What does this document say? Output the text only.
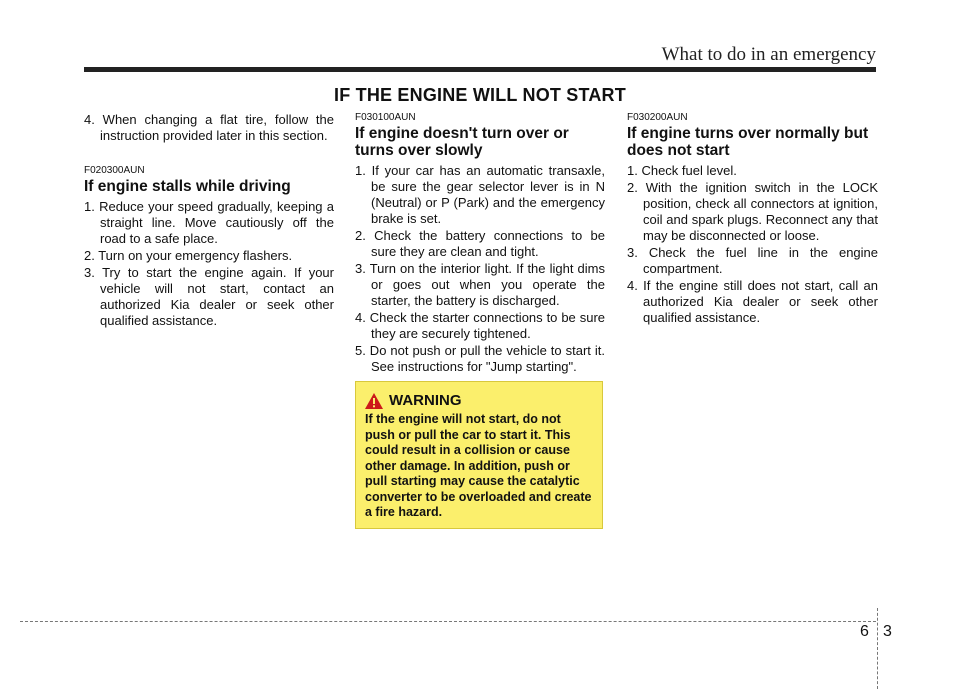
What to do in an emergency
IF THE ENGINE WILL NOT START

4. When changing a flat tire, follow the instruction provided later in this section.

F020300AUN

If engine stalls while driving
1. Reduce your speed gradually, keeping a straight line. Move cautiously off the road to a safe place.
2. Turn on your emergency flashers.
3. Try to start the engine again. If your vehicle will not start, contact an authorized Kia dealer or seek other qualified assistance.

F030100AUN

If engine doesn't turn over or turns over slowly
1. If your car has an automatic transaxle, be sure the gear selector lever is in N (Neutral) or P (Park) and the emergency brake is set.
2. Check the battery connections to be sure they are clean and tight.
3. Turn on the interior light. If the light dims or goes out when you operate the starter, the battery is discharged.
4. Check the starter connections to be sure they are securely tightened.
5. Do not push or pull the vehicle to start it. See instructions for "Jump starting".
WARNING

If the engine will not start, do not push or pull the car to start it. This could result in a collision or cause other damage. In addition, push or pull starting may cause the catalytic converter to be overloaded and create a fire hazard.

F030200AUN

If engine turns over normally but does not start
1. Check fuel level.
2. With the ignition switch in the LOCK position, check all connectors at ignition, coil and spark plugs. Reconnect any that may be disconnected or loose.
3. Check the fuel line in the engine compartment.
4. If the engine still does not start, call an authorized Kia dealer or seek other qualified assistance.
6 3
